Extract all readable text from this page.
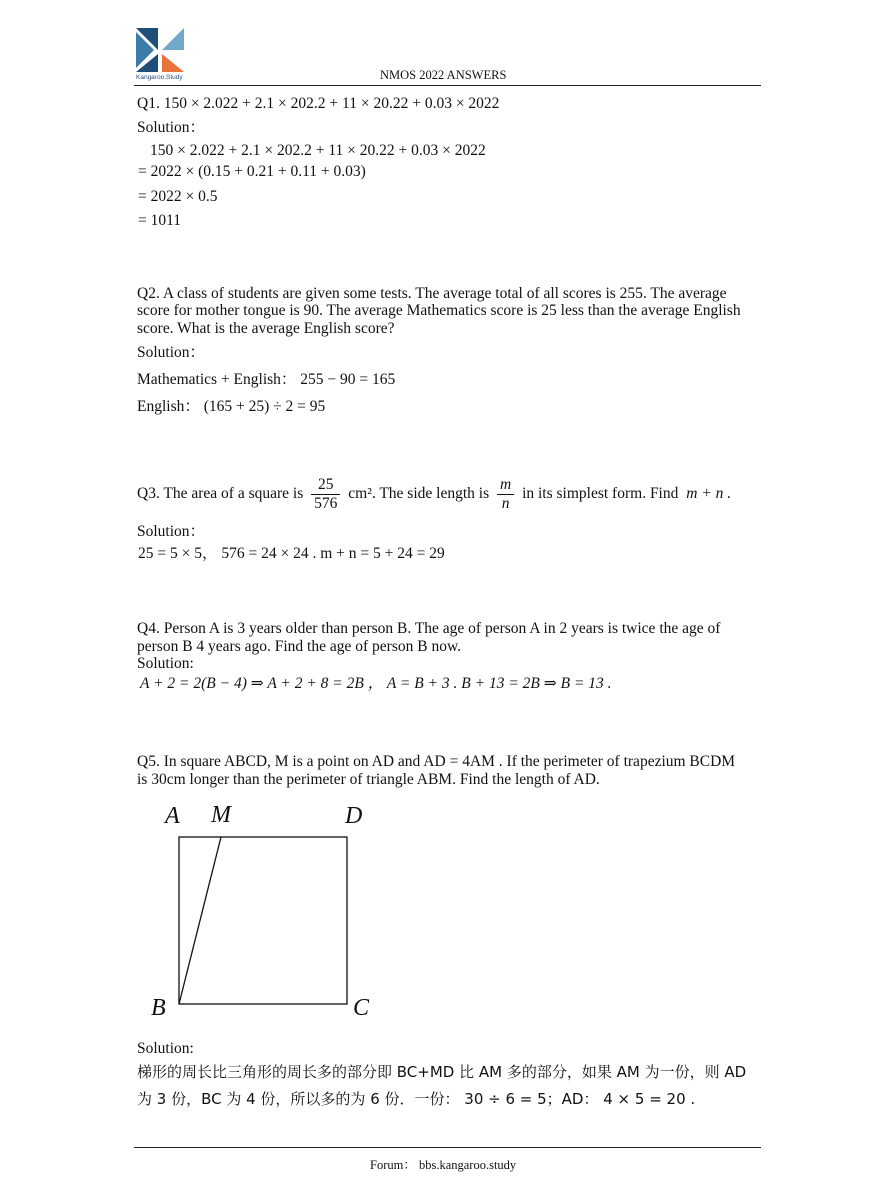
Kangaroo.Study	NMOS 2022 ANSWERS
Q1. 150 × 2.022 + 2.1 × 202.2 + 11 × 20.22 + 0.03 × 2022
Solution：
150 × 2.022 + 2.1 × 202.2 + 11 × 20.22 + 0.03 × 2022
= 2022 × (0.15 + 0.21 + 0.11 + 0.03)
= 2022 × 0.5
= 1011
Q2. A class of students are given some tests. The average total of all scores is 255. The average
score for mother tongue is 90. The average Mathematics score is 25 less than the average English
score. What is the average English score?
Solution：
Mathematics + English： 255 − 90 = 165
English： (165 + 25) ÷ 2 = 95
Q3. The area of a square is $\frac{25}{576} cm^2$. The side length is $\frac{m}{n}$ in its simplest form. Find m + n .
Solution：
25 = 5 × 5， 576 = 24 × 24 . m + n = 5 + 24 = 29
Q4. Person A is 3 years older than person B. The age of person A in 2 years is twice the age of
person B 4 years ago. Find the age of person B now.
Solution:
A + 2 = 2(B − 4) ⇒ A + 2 + 8 = 2B ， A = B + 3 . B + 13 = 2B ⇒ B = 13 .
Q5. In square ABCD, M is a point on AD and AD = 4AM . If the perimeter of trapezium BCDM
is 30cm longer than the perimeter of triangle ABM. Find the length of AD.
A M	D
B	C
Solution:
梯形的周长比三角形的周长多的部分即 BC+MD 比 AM 多的部分，如果 AM 为一份，则 AD
为 3 份，BC 为 4 份，所以多的为 6 份．一份： 30 ÷ 6 = 5；AD： 4 × 5 = 20 .
Forum： bbs.kangaroo.study
